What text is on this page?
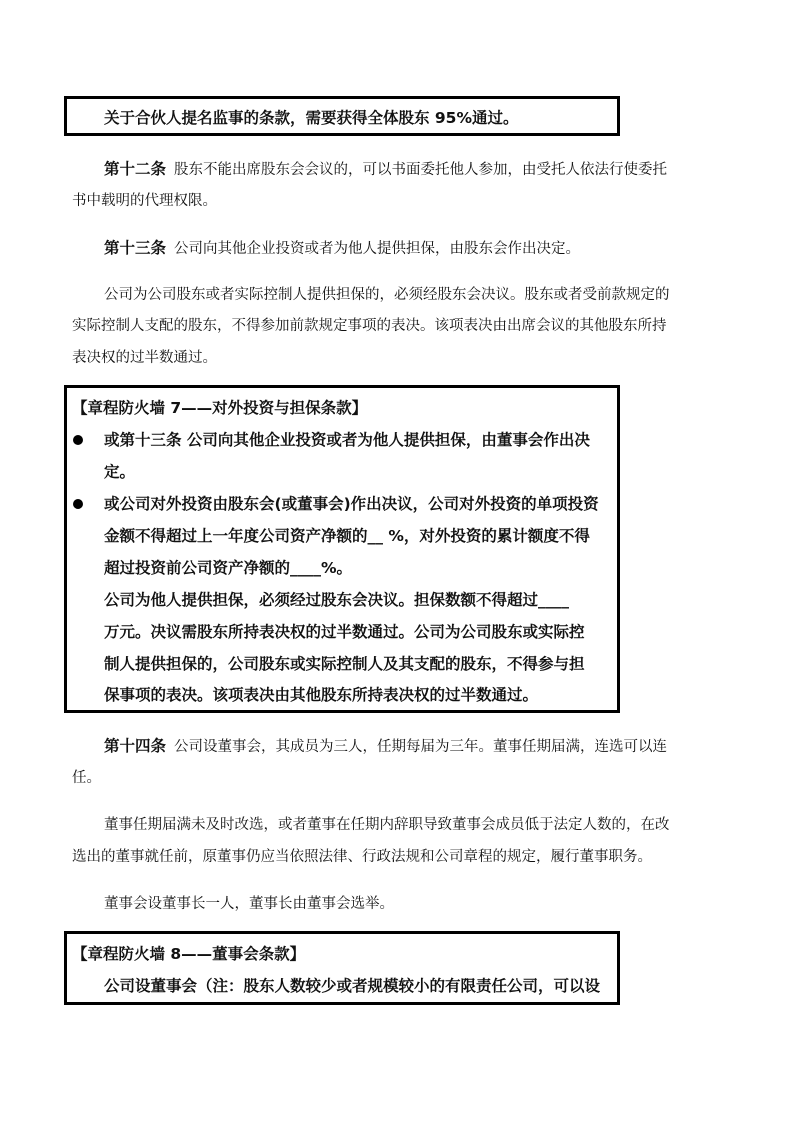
关于合伙人提名监事的条款，需要获得全体股东 95%通过。
第十二条 股东不能出席股东会会议的，可以书面委托他人参加，由受托人依法行使委托
书中载明的代理权限。
第十三条 公司向其他企业投资或者为他人提供担保，由股东会作出决定。
公司为公司股东或者实际控制人提供担保的，必须经股东会决议。股东或者受前款规定的
实际控制人支配的股东，不得参加前款规定事项的表决。该项表决由出席会议的其他股东所持
表决权的过半数通过。
【章程防火墙 7——对外投资与担保条款】
或第十三条 公司向其他企业投资或者为他人提供担保，由董事会作出决
定。
或公司对外投资由股东会(或董事会)作出决议，公司对外投资的单项投资
金额不得超过上一年度公司资产净额的__ %，对外投资的累计额度不得
超过投资前公司资产净额的____%。
公司为他人提供担保，必须经过股东会决议。担保数额不得超过____
万元。决议需股东所持表决权的过半数通过。公司为公司股东或实际控
制人提供担保的，公司股东或实际控制人及其支配的股东，不得参与担
保事项的表决。该项表决由其他股东所持表决权的过半数通过。
第十四条 公司设董事会，其成员为三人，任期每届为三年。董事任期届满，连选可以连
任。
董事任期届满未及时改选，或者董事在任期内辞职导致董事会成员低于法定人数的，在改
选出的董事就任前，原董事仍应当依照法律、行政法规和公司章程的规定，履行董事职务。
董事会设董事长一人，董事长由董事会选举。
【章程防火墙 8——董事会条款】
公司设董事会（注：股东人数较少或者规模较小的有限责任公司，可以设
